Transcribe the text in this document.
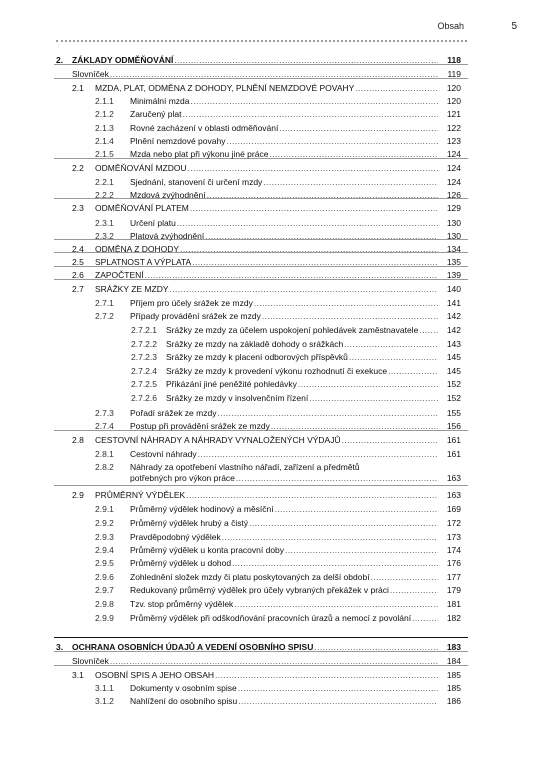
Obsah	5
2. ZÁKLADY ODMĚŇOVÁNÍ .....	118
Slovníček .....	119
2.1 MZDA, PLAT, ODMĚNA Z DOHODY, PLNĚNÍ NEMZDOVÉ POVAHY .....	120
2.1.1 Minimální mzda .....	120
2.1.2 Zaručený plat .....	121
2.1.3 Rovné zacházení v oblasti odměňování .....	122
2.1.4 Plnění nemzdové povahy .....	123
2.1.5 Mzda nebo plat při výkonu jiné práce .....	124
2.2 ODMĚŇOVÁNÍ MZDOU .....	124
2.2.1 Sjednání, stanovení či určení mzdy .....	124
2.2.2 Mzdová zvýhodnění .....	126
2.3 ODMĚŇOVÁNÍ PLATEM .....	129
2.3.1 Určení platu .....	130
2.3.2 Platová zvýhodnění .....	130
2.4 ODMĚNA Z DOHODY .....	134
2.5 SPLATNOST A VÝPLATA .....	135
2.6 ZAPOČTENÍ .....	139
2.7 SRÁŽKY ZE MZDY .....	140
2.7.1 Příjem pro účely srážek ze mzdy .....	141
2.7.2 Případy provádění srážek ze mzdy .....	142
2.7.2.1 Srážky ze mzdy za účelem uspokojení pohledávek zaměstnavatele .....	142
2.7.2.2 Srážky ze mzdy na základě dohody o srážkách .....	143
2.7.2.3 Srážky ze mzdy k placení odborových příspěvků .....	145
2.7.2.4 Srážky ze mzdy k provedení výkonu rozhodnutí či exekuce .....	145
2.7.2.5 Přikázání jiné peněžité pohledávky .....	152
2.7.2.6 Srážky ze mzdy v insolvenčním řízení .....	152
2.7.3 Pořadí srážek ze mzdy .....	155
2.7.4 Postup při provádění srážek ze mzdy .....	156
2.8 CESTOVNÍ NÁHRADY A NÁHRADY VYNALOŽENÝCH VÝDAJŮ .....	161
2.8.1 Cestovní náhrady .....	161
2.8.2 Náhrady za opotřebení vlastního nářadí, zařízení a předmětů
potřebných pro výkon práce .....	163
2.9 PRŮMĚRNÝ VÝDĚLEK .....	163
2.9.1 Průměrný výdělek hodinový a měsíční .....	169
2.9.2 Průměrný výdělek hrubý a čistý .....	172
2.9.3 Pravděpodobný výdělek .....	173
2.9.4 Průměrný výdělek u konta pracovní doby .....	174
2.9.5 Průměrný výdělek u dohod .....	176
2.9.6 Zohlednění složek mzdy či platu poskytovaných za delší období .....	177
2.9.7 Redukovaný průměrný výdělek pro účely vybraných překážek v práci .....	179
2.9.8 Tzv. stop průměrný výdělek .....	181
2.9.9 Průměrný výdělek při odškodňování pracovních úrazů a nemocí z povolání .....	182
3. OCHRANA OSOBNÍCH ÚDAJŮ A VEDENÍ OSOBNÍHO SPISU .....	183
Slovníček .....	184
3.1 OSOBNÍ SPIS A JEHO OBSAH .....	185
3.1.1 Dokumenty v osobním spise .....	185
3.1.2 Nahlížení do osobního spisu .....	186
